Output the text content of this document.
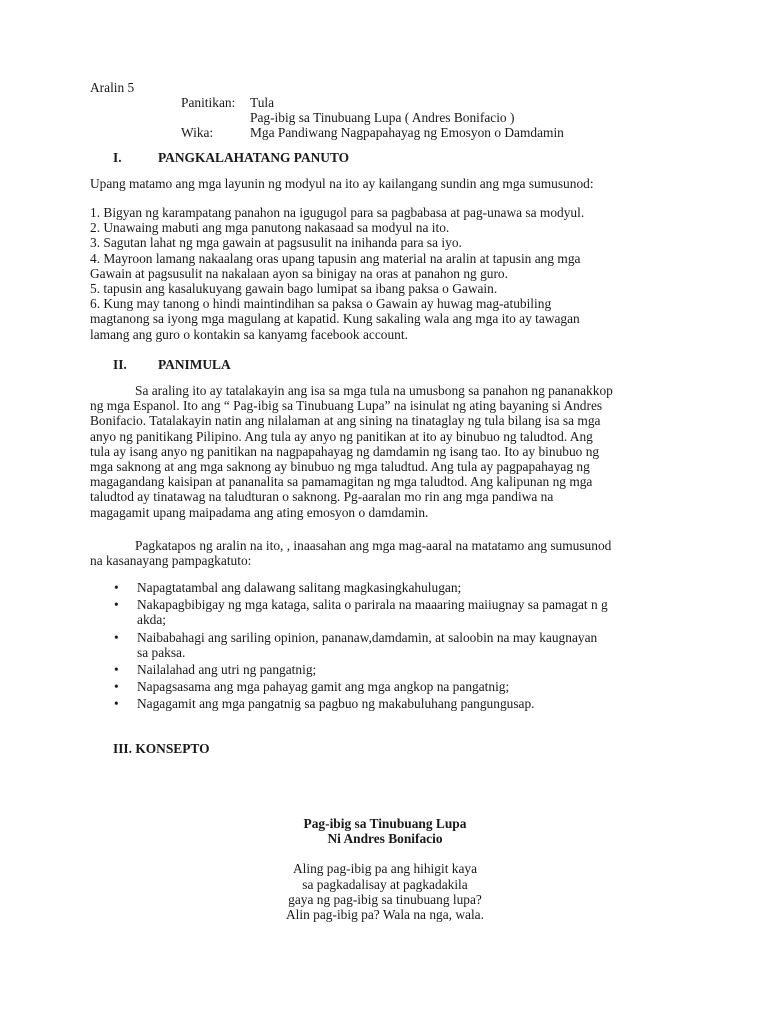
Aralin 5
Panitikan: Tula
Pag-ibig sa Tinubuang Lupa ( Andres Bonifacio )
Wika:	Mga Pandiwang Nagpapahayag ng Emosyon o Damdamin
I.	PANGKALAHATANG PANUTO
Upang matamo ang mga layunin ng modyul na ito ay kailangang sundin ang mga sumusunod:
1. Bigyan ng karampatang panahon na igugugol para sa pagbabasa at pag-unawa sa modyul.
2. Unawaing mabuti ang mga panutong nakasaad sa modyul na ito.
3. Sagutan lahat ng mga gawain at pagsusulit na inihanda para sa iyo.
4. Mayroon lamang nakaalang oras upang tapusin ang material na aralin at tapusin ang mga
Gawain at pagsusulit na nakalaan ayon sa binigay na oras at panahon ng guro.
5. tapusin ang kasalukuyang gawain bago lumipat sa ibang paksa o Gawain.
6. Kung may tanong o hindi maintindihan sa paksa o Gawain ay huwag mag-atubiling
magtanong sa iyong mga magulang at kapatid. Kung sakaling wala ang mga ito ay tawagan
lamang ang guro o kontakin sa kanyamg facebook account.
II. PANIMULA
Sa araling ito ay tatalakayin ang isa sa mga tula na umusbong sa panahon ng pananakkop
ng mga Espanol. Ito ang “ Pag-ibig sa Tinubuang Lupa” na isinulat ng ating bayaning si Andres
Bonifacio. Tatalakayin natin ang nilalaman at ang sining na tinataglay ng tula bilang isa sa mga
anyo ng panitikang Pilipino. Ang tula ay anyo ng panitikan at ito ay binubuo ng taludtod. Ang
tula ay isang anyo ng panitikan na nagpapahayag ng damdamin ng isang tao. Ito ay binubuo ng
mga saknong at ang mga saknong ay binubuo ng mga taludtud. Ang tula ay pagpapahayag ng
magagandang kaisipan at pananalita sa pamamagitan ng mga taludtod. Ang kalipunan ng mga
taludtod ay tinatawag na taludturan o saknong. Pg-aaralan mo rin ang mga pandiwa na
magagamit upang maipadama ang ating emosyon o damdamin.
Pagkatapos ng aralin na ito, , inaasahan ang mga mag-aaral na matatamo ang sumusunod
na kasanayang pampagkatuto:
• Napagtatambal ang dalawang salitang magkasingkahulugan;
• Nakapagbibigay ng mga kataga, salita o parirala na maaaring maiiugnay sa pamagat n g
akda;
• Naibabahagi ang sariling opinion, pananaw,damdamin, at saloobin na may kaugnayan
sa paksa.
• Nailalahad ang utri ng pangatnig;
• Napagsasama ang mga pahayag gamit ang mga angkop na pangatnig;
• Nagagamit ang mga pangatnig sa pagbuo ng makabuluhang pangungusap.
III. KONSEPTO
Pag-ibig sa Tinubuang Lupa
Ni Andres Bonifacio
Aling pag-ibig pa ang hihigit kaya
sa pagkadalisay at pagkadakila
gaya ng pag-ibig sa tinubuang lupa?
Alin pag-ibig pa? Wala na nga, wala.
